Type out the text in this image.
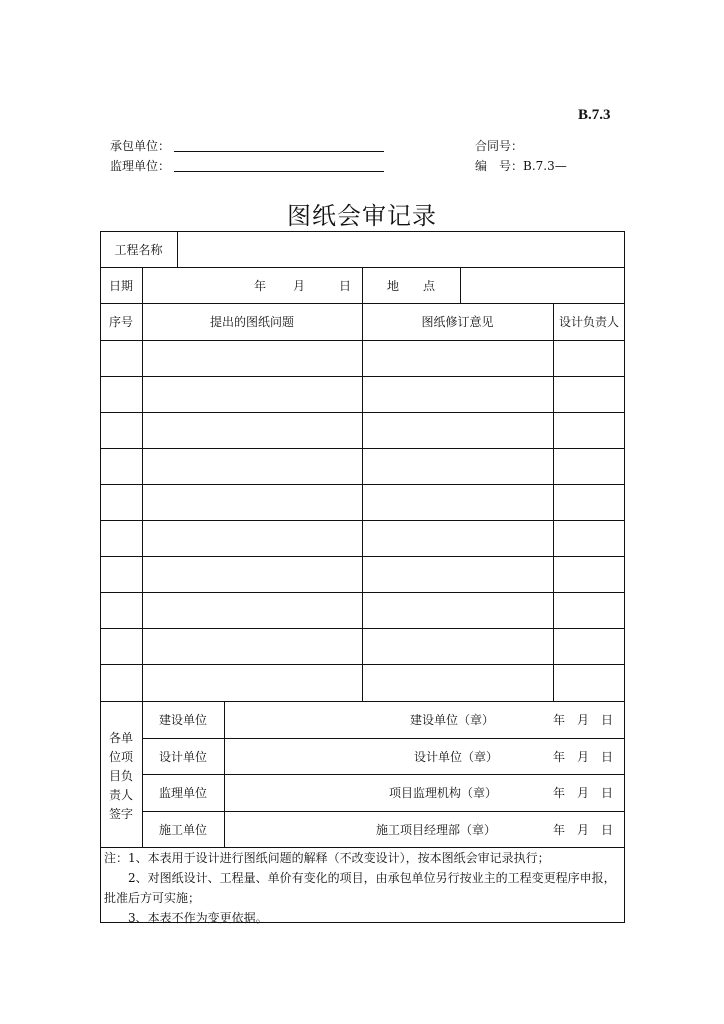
B.7.3
承包单位：
监理单位：
合同号：
编　号：B.7.3—
图纸会审记录
工程名称
日期	年	月	日	地　　点
序号	提出的图纸问题	图纸修订意见	设计负责人
各单
位项
目负
责人
签字
建设单位	建设单位（章）	年　月　日
设计单位	设计单位（章）	年　月　日
监理单位	项目监理机构（章）	年　月　日
施工单位	施工项目经理部（章）	年　月　日
注：1、本表用于设计进行图纸问题的解释（不改变设计），按本图纸会审记录执行；
　　2、对图纸设计、工程量、单价有变化的项目，由承包单位另行按业主的工程变更程序申报，批准后方可实施；
　　3、本表不作为变更依据。
